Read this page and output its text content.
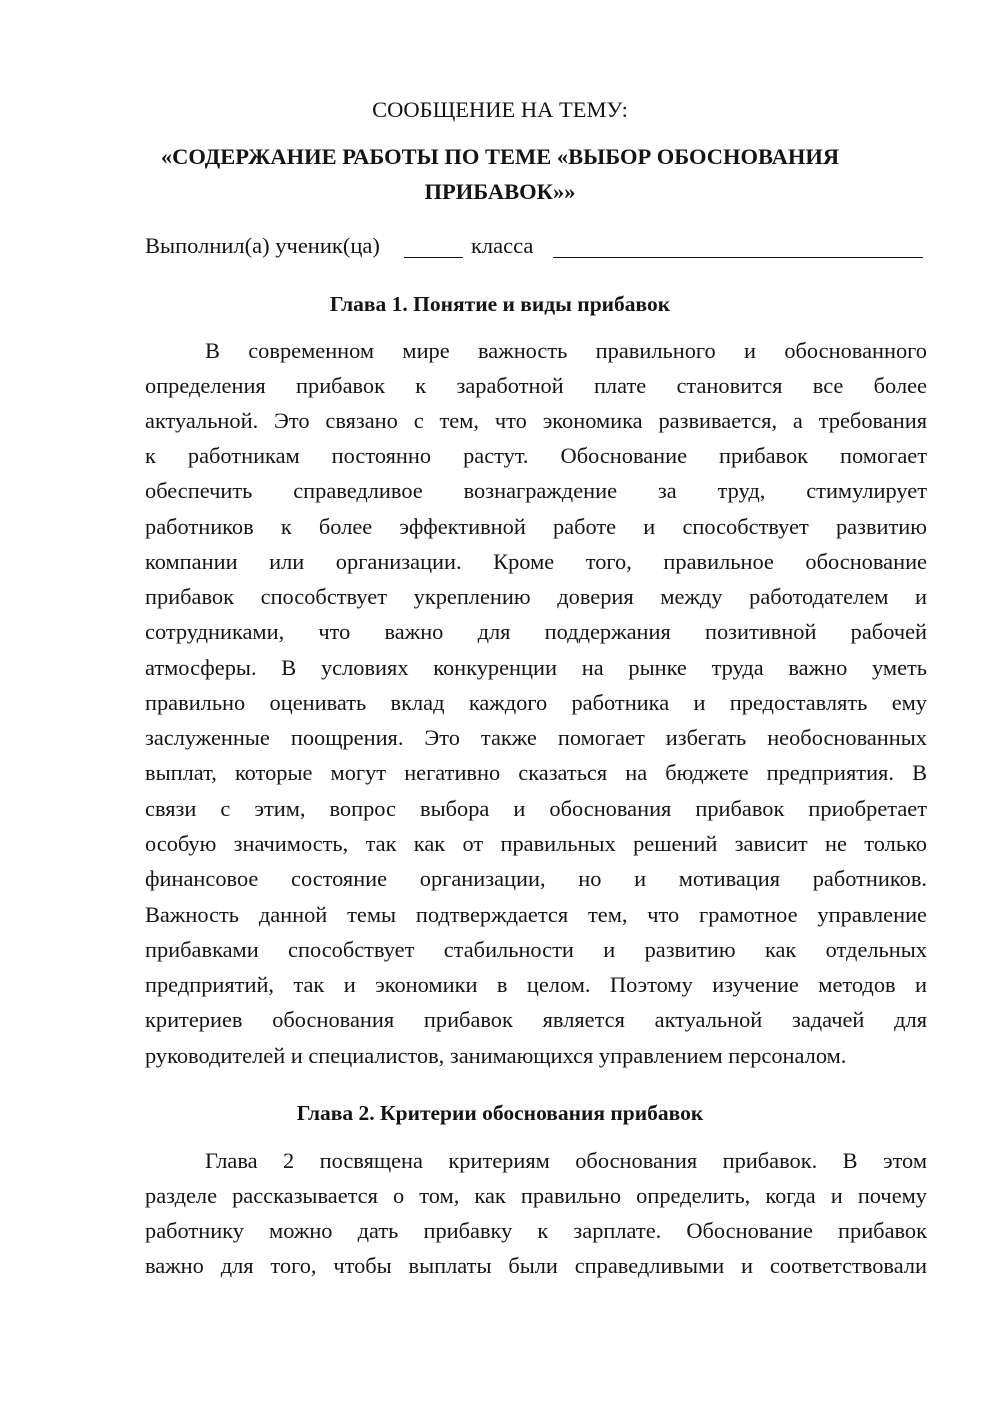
СООБЩЕНИЕ НА ТЕМУ:
«СОДЕРЖАНИЕ РАБОТЫ ПО ТЕМЕ «ВЫБОР ОБОСНОВАНИЯ
ПРИБАВОК»»
Выполнил(а) ученик(ца)	класса
Глава 1. Понятие и виды прибавок
В современном мире важность правильного и обоснованного
определения прибавок к заработной плате становится все более
актуальной. Это связано с тем, что экономика развивается, а требования
к работникам постоянно растут. Обоснование прибавок помогает
обеспечить справедливое вознаграждение за труд, стимулирует
работников к более эффективной работе и способствует развитию
компании или организации. Кроме того, правильное обоснование
прибавок способствует укреплению доверия между работодателем и
сотрудниками, что важно для поддержания позитивной рабочей
атмосферы. В условиях конкуренции на рынке труда важно уметь
правильно оценивать вклад каждого работника и предоставлять ему
заслуженные поощрения. Это также помогает избегать необоснованных
выплат, которые могут негативно сказаться на бюджете предприятия. В
связи с этим, вопрос выбора и обоснования прибавок приобретает
особую значимость, так как от правильных решений зависит не только
финансовое состояние организации, но и мотивация работников.
Важность данной темы подтверждается тем, что грамотное управление
прибавками способствует стабильности и развитию как отдельных
предприятий, так и экономики в целом. Поэтому изучение методов и
критериев обоснования прибавок является актуальной задачей для
руководителей и специалистов, занимающихся управлением персоналом.
Глава 2. Критерии обоснования прибавок
Глава 2 посвящена критериям обоснования прибавок. В этом
разделе рассказывается о том, как правильно определить, когда и почему
работнику можно дать прибавку к зарплате. Обоснование прибавок
важно для того, чтобы выплаты были справедливыми и соответствовали
